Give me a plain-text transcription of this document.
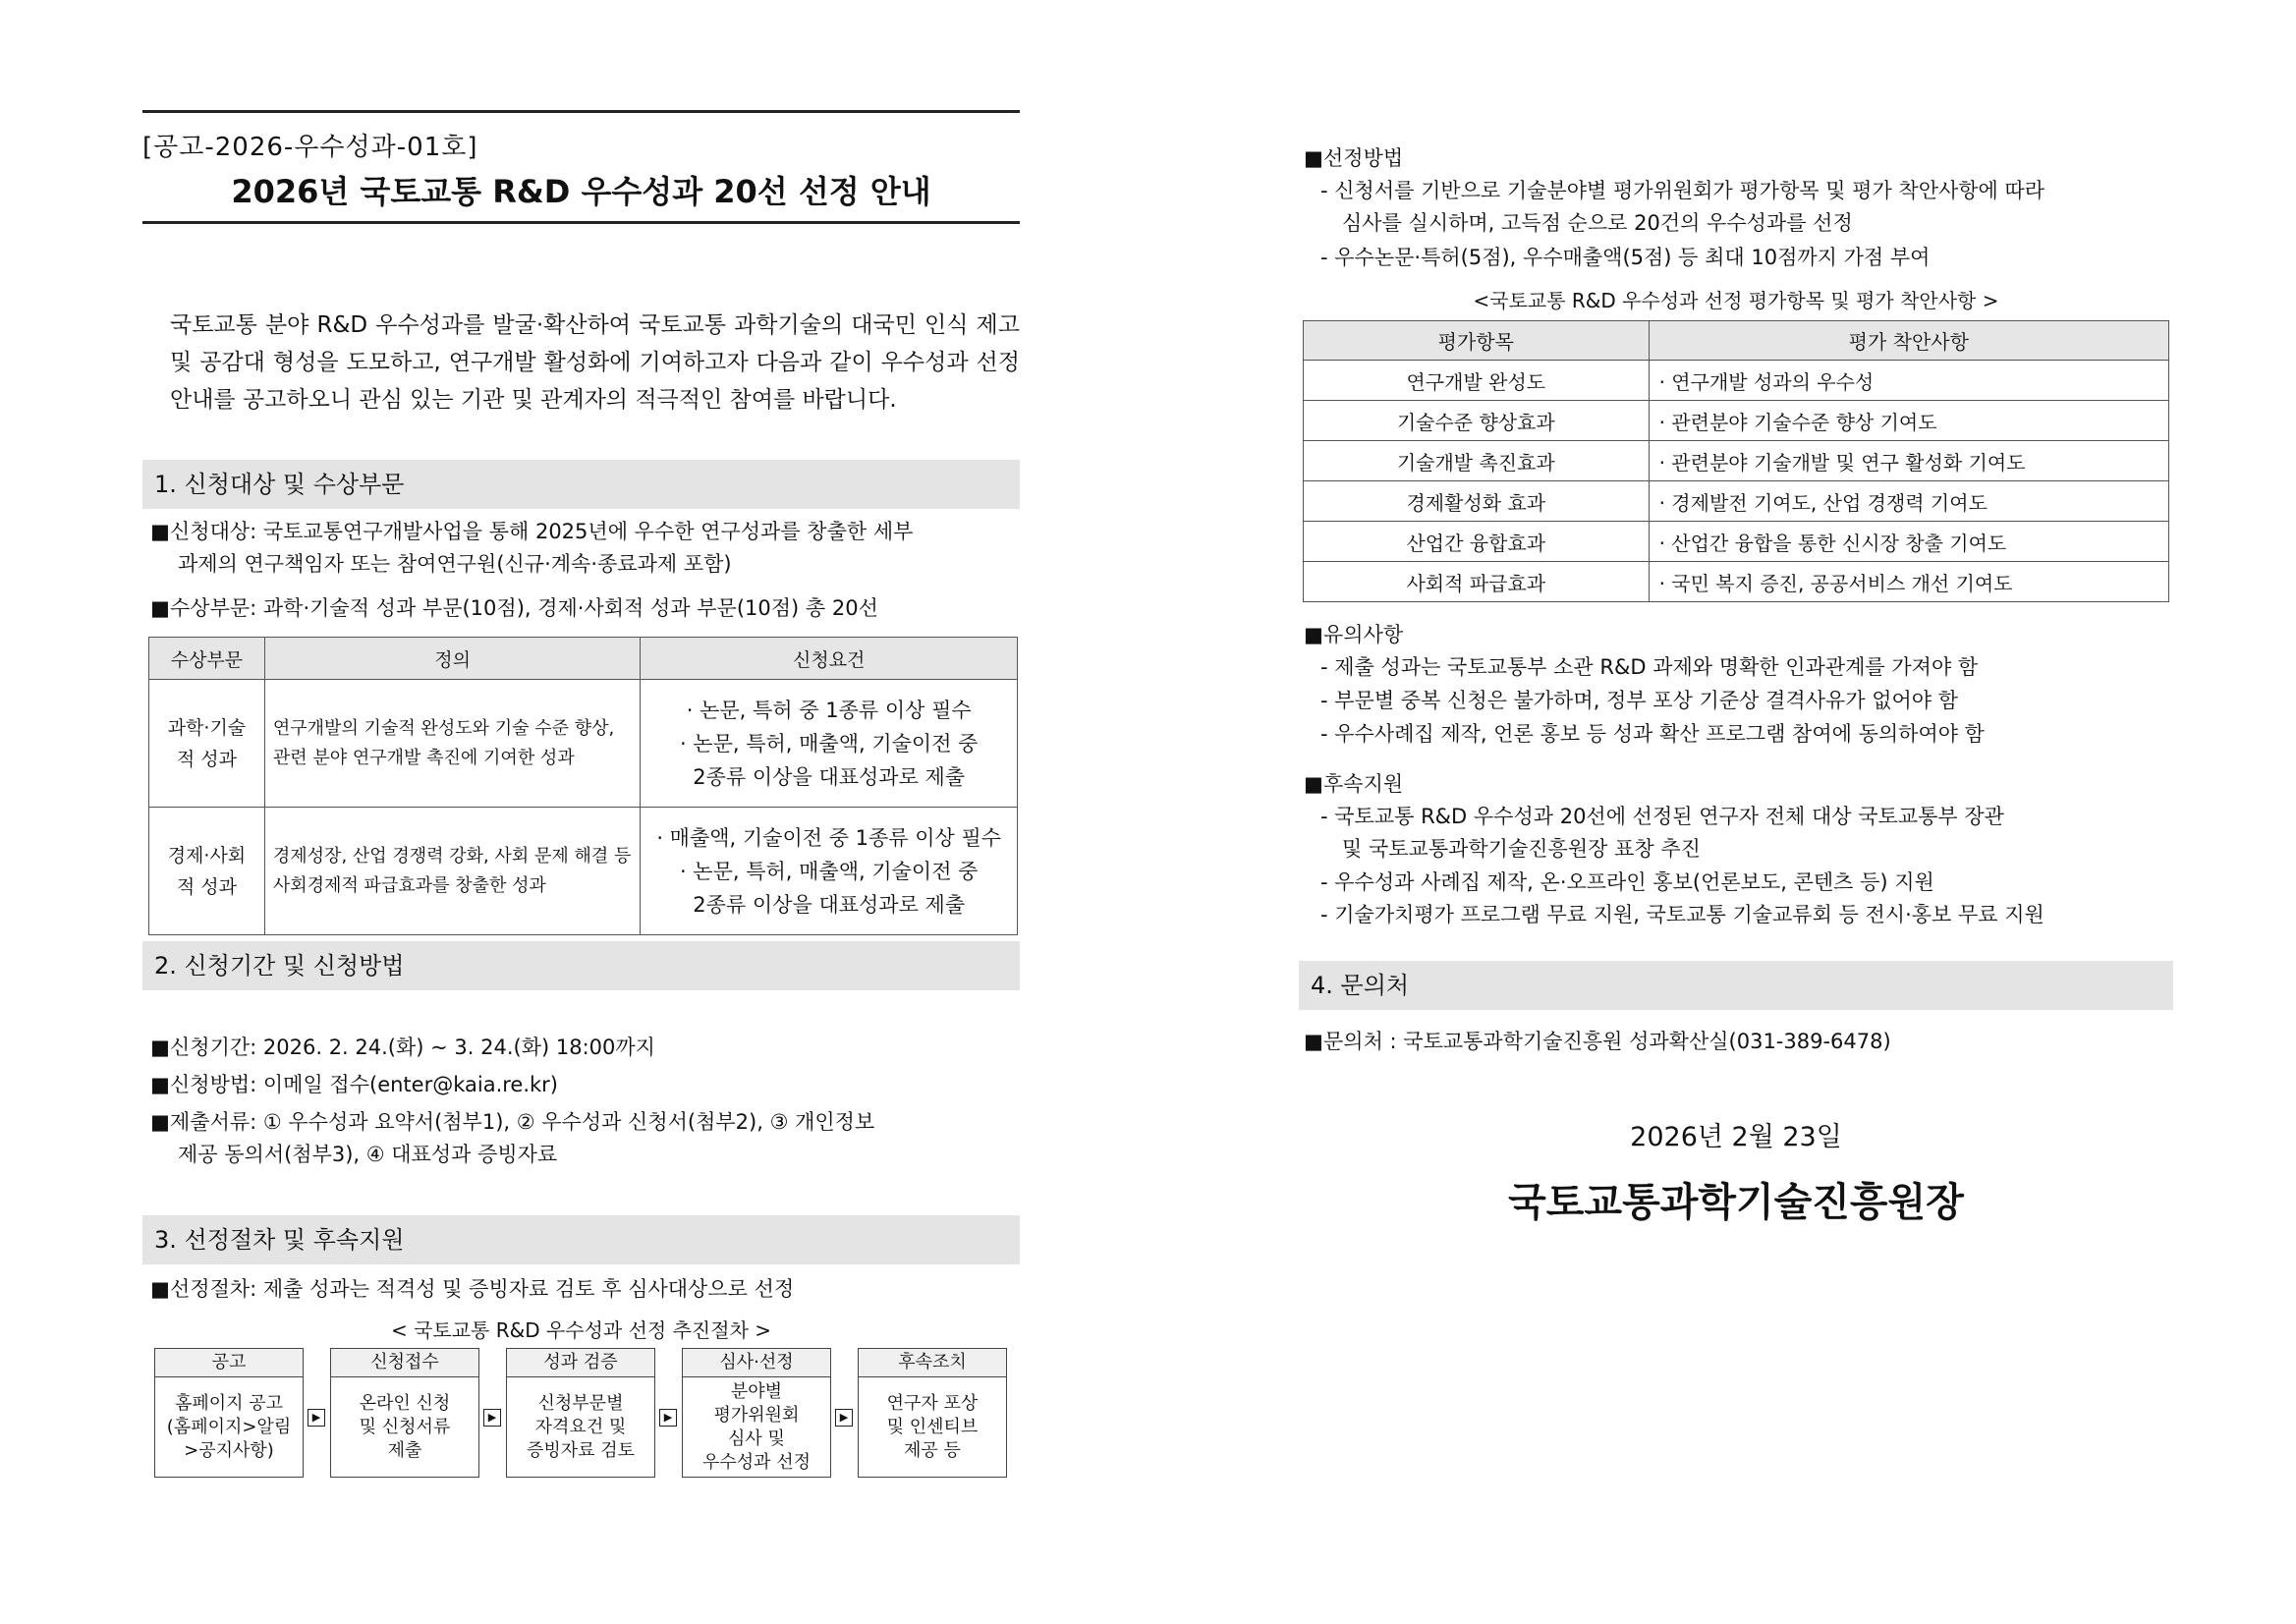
[공고-2026-우수성과-01호]
2026년 국토교통 R&D 우수성과 20선 선정 안내
국토교통 분야 R&D 우수성과를 발굴·확산하여 국토교통 과학기술의 대국민 인식 제고 및 공감대 형성을 도모하고, 연구개발 활성화에 기여하고자 다음과 같이 우수성과 선정안내를 공고하오니 관심 있는 기관 및 관계자의 적극적인 참여를 바랍니다.
1. 신청대상 및 수상부문
■신청대상: 국토교통연구개발사업을 통해 2025년에 우수한 연구성과를 창출한 세부
과제의 연구책임자 또는 참여연구원(신규·계속·종료과제 포함)
■수상부문: 과학·기술적 성과 부문(10점), 경제·사회적 성과 부문(10점) 총 20선
수상부문	정의	신청요건
과학·기술 적 성과	연구개발의 기술적 완성도와 기술 수준 향상, 관련 분야 연구개발 촉진에 기여한 성과	· 논문, 특허 중 1종류 이상 필수
· 논문, 특허, 매출액, 기술이전 중
2종류 이상을 대표성과로 제출

경제·사회 적 성과	경제성장, 산업 경쟁력 강화, 사회 문제 해결 등 사회경제적 파급효과를 창출한 성과	· 매출액, 기술이전 중 1종류 이상 필수
· 논문, 특허, 매출액, 기술이전 중
2종류 이상을 대표성과로 제출
2. 신청기간 및 신청방법
■신청기간: 2026. 2. 24.(화) ~ 3. 24.(화) 18:00까지
■신청방법: 이메일 접수(enter@kaia.re.kr)
■제출서류: ① 우수성과 요약서(첨부1), ② 우수성과 신청서(첨부2), ③ 개인정보
제공 동의서(첨부3), ④ 대표성과 증빙자료
3. 선정절차 및 후속지원
■선정절차: 제출 성과는 적격성 및 증빙자료 검토 후 심사대상으로 선정
< 국토교통 R&D 우수성과 선정 추진절차 >
공고
홈페이지 공고
(홈페이지>알림
>공지사항)
▶
신청접수
온라인 신청
및 신청서류
제출
▶
성과 검증
신청부문별
자격요건 및
증빙자료 검토
▶
심사·선정
분야별
평가위원회
심사 및
우수성과 선정
▶
후속조치
연구자 포상
및 인센티브
제공 등
■선정방법
- 신청서를 기반으로 기술분야별 평가위원회가 평가항목 및 평가 착안사항에 따라
심사를 실시하며, 고득점 순으로 20건의 우수성과를 선정
- 우수논문·특허(5점), 우수매출액(5점) 등 최대 10점까지 가점 부여
<국토교통 R&D 우수성과 선정 평가항목 및 평가 착안사항 >
평가항목	평가 착안사항
연구개발 완성도	· 연구개발 성과의 우수성
기술수준 향상효과	· 관련분야 기술수준 향상 기여도
기술개발 촉진효과	· 관련분야 기술개발 및 연구 활성화 기여도
경제활성화 효과	· 경제발전 기여도, 산업 경쟁력 기여도
산업간 융합효과	· 산업간 융합을 통한 신시장 창출 기여도
사회적 파급효과	· 국민 복지 증진, 공공서비스 개선 기여도
■유의사항
- 제출 성과는 국토교통부 소관 R&D 과제와 명확한 인과관계를 가져야 함
- 부문별 중복 신청은 불가하며, 정부 포상 기준상 결격사유가 없어야 함
- 우수사례집 제작, 언론 홍보 등 성과 확산 프로그램 참여에 동의하여야 함
■후속지원
- 국토교통 R&D 우수성과 20선에 선정된 연구자 전체 대상 국토교통부 장관
및 국토교통과학기술진흥원장 표창 추진
- 우수성과 사례집 제작, 온·오프라인 홍보(언론보도, 콘텐츠 등) 지원
- 기술가치평가 프로그램 무료 지원, 국토교통 기술교류회 등 전시·홍보 무료 지원
4. 문의처
■문의처 : 국토교통과학기술진흥원 성과확산실(031-389-6478)
2026년 2월 23일
국토교통과학기술진흥원장
